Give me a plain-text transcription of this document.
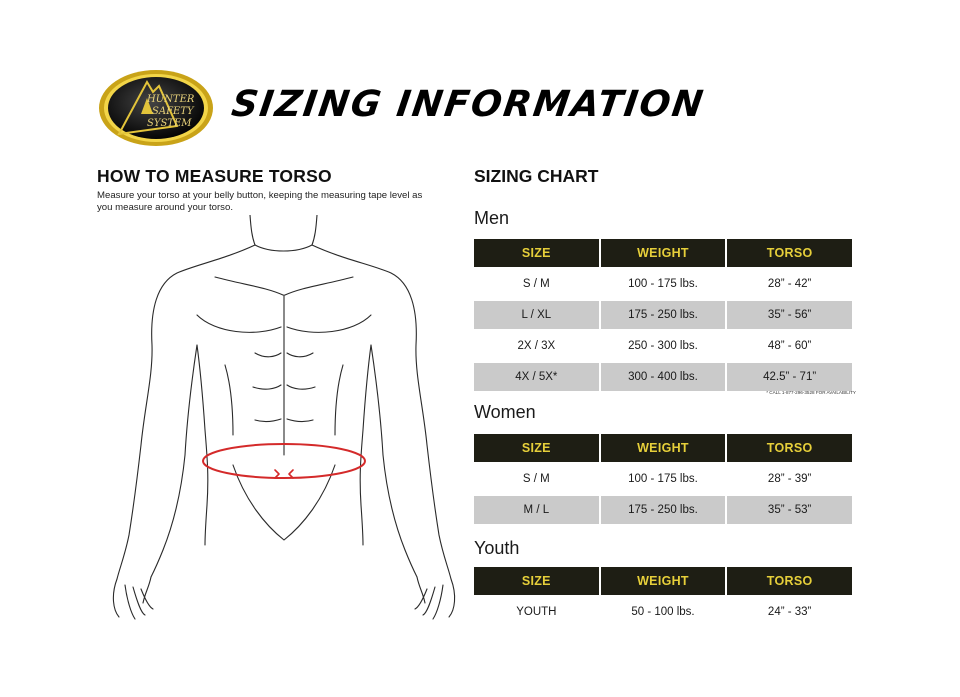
HUNTER
SAFETY
SYSTEM SIZING INFORMATION
HOW TO MEASURE TORSO

Measure your torso at your belly button, keeping the measuring tape level as you measure around your torso.

SIZING CHART
Men
SIZE	WEIGHT	TORSO
S / M	100 - 175 lbs.	28” - 42”
L / XL	175 - 250 lbs.	35” - 56”
2X / 3X	250 - 300 lbs.	48” - 60”
4X / 5X*	300 - 400 lbs.	42.5” - 71”

* CALL 1-877-296-3528 FOR AVAILABILITY

Women
SIZE	WEIGHT	TORSO
S / M	100 - 175 lbs.	28” - 39”
M / L	175 - 250 lbs.	35” - 53”
Youth
SIZE	WEIGHT	TORSO
YOUTH	50 - 100 lbs.	24” - 33”
